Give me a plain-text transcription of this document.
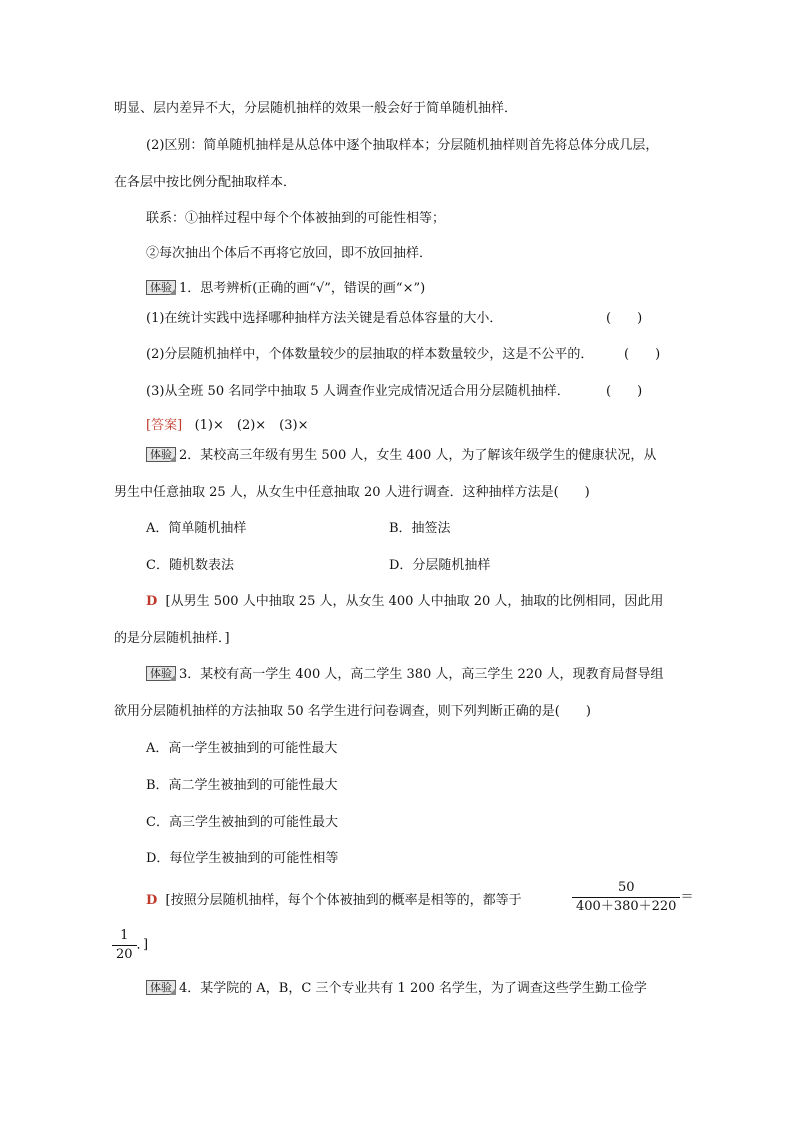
明显、层内差异不大，分层随机抽样的效果一般会好于简单随机抽样．
(2)区别：简单随机抽样是从总体中逐个抽取样本；分层随机抽样则首先将总体分成几层，
在各层中按比例分配抽取样本．
联系：①抽样过程中每个个体被抽到的可能性相等；
②每次抽出个体后不再将它放回，即不放回抽样．
体验 1．思考辨析(正确的画“√”，错误的画“×”)
(1)在统计实践中选择哪种抽样方法关键是看总体容量的大小．	(　　)
(2)分层随机抽样中，个体数量较少的层抽取的样本数量较少，这是不公平的． (　　)
(3)从全班 50 名同学中抽取 5 人调查作业完成情况适合用分层随机抽样．	(　　)
[答案] (1)×　(2)×　(3)×
体验 2．某校高三年级有男生 500 人，女生 400 人，为了解该年级学生的健康状况，从
男生中任意抽取 25 人，从女生中任意抽取 20 人进行调查．这种抽样方法是(　　)
A．简单随机抽样	B．抽签法
C．随机数表法	D．分层随机抽样
D [从男生 500 人中抽取 25 人，从女生 400 人中抽取 20 人，抽取的比例相同，因此用
的是分层随机抽样．]
体验 3．某校有高一学生 400 人，高二学生 380 人，高三学生 220 人，现教育局督导组
欲用分层随机抽样的方法抽取 50 名学生进行问卷调查，则下列判断正确的是(　　)
A．高一学生被抽到的可能性最大
B．高二学生被抽到的可能性最大
C．高三学生被抽到的可能性最大
D．每位学生被抽到的可能性相等
D [按照分层随机抽样，每个个体被抽到的概率是相等的，都等于	$\frac{50}{400+380+220}$ ＝
$\frac{1}{20}$ ．]
体验 4．某学院的 A，B，C 三个专业共有 1 200 名学生，为了调查这些学生勤工俭学
